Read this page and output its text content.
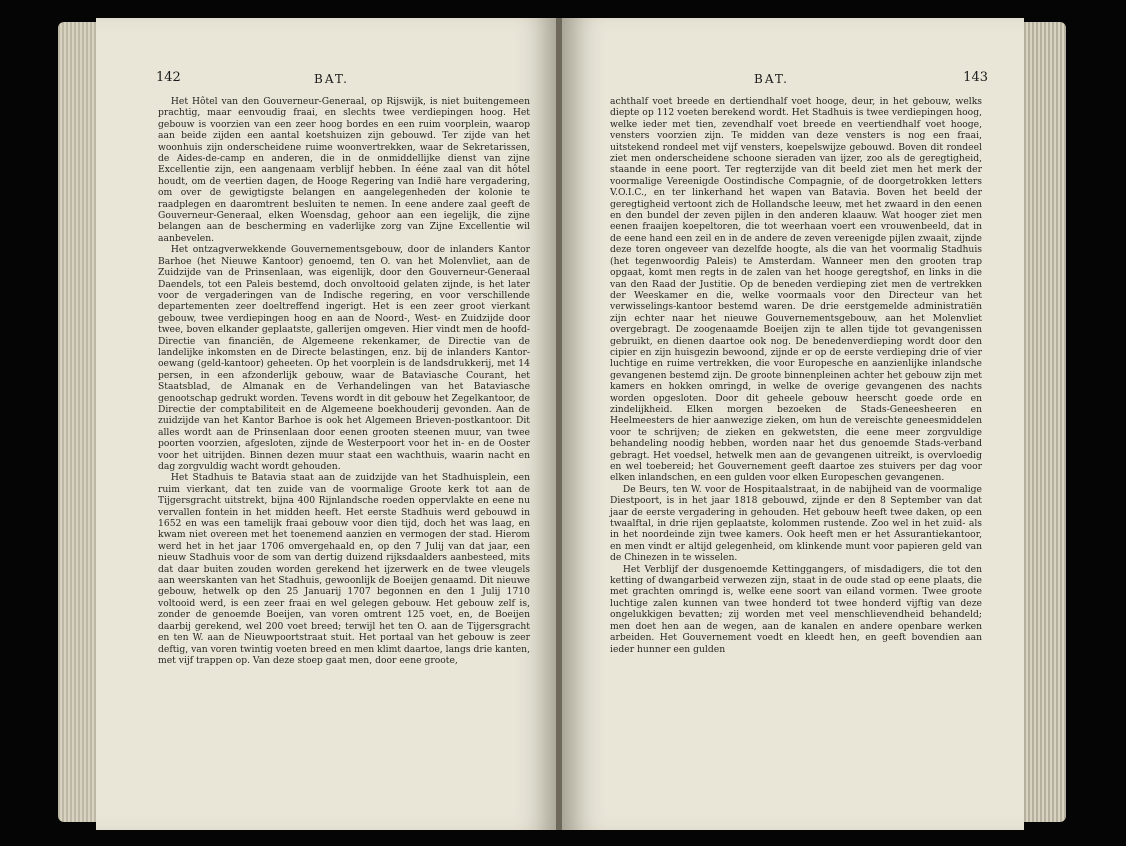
142	BAT.

Het Hôtel van den Gouverneur-Generaal, op Rijswijk, is niet buitengemeen prachtig, maar eenvoudig fraai, en slechts twee verdiepingen hoog. Het gebouw is voorzien van een zeer hoog bordes en een ruim voorplein, waarop aan beide zijden een aantal koetshuizen zijn gebouwd. Ter zijde van het woonhuis zijn onderscheidene ruime woonvertrekken, waar de Sekretarissen, de Aides-de-camp en anderen, die in de onmiddellijke dienst van zijne Excellentie zijn, een aangenaam verblijf hebben. In ééne zaal van dit hôtel houdt, om de veertien dagen, de Hooge Regering van Indië hare vergadering, om over de gewigtigste belangen en aangelegenheden der kolonie te raadplegen en daaromtrent besluiten te nemen. In eene andere zaal geeft de Gouverneur-Generaal, elken Woensdag, gehoor aan een iegelijk, die zijne belangen aan de bescherming en vaderlijke zorg van Zijne Excellentie wil aanbevelen.

Het ontzagverwekkende Gouvernementsgebouw, door de inlanders Kantor Barhoe (het Nieuwe Kantoor) genoemd, ten O. van het Molenvliet, aan de Zuidzijde van de Prinsenlaan, was eigenlijk, door den Gouverneur-Generaal Daendels, tot een Paleis bestemd, doch onvoltooid gelaten zijnde, is het later voor de vergaderingen van de Indische regering, en voor verschillende departementen zeer doeltreffend ingerigt. Het is een zeer groot vierkant gebouw, twee verdiepingen hoog en aan de Noord-, West- en Zuidzijde door twee, boven elkander geplaatste, gallerijen omgeven. Hier vindt men de hoofd-Directie van financiën, de Algemeene rekenkamer, de Directie van de landelijke inkomsten en de Directe belastingen, enz. bij de inlanders Kantor-oewang (geld-kantoor) geheeten. Op het voorplein is de landsdrukkerij, met 14 persen, in een afzonderlijk gebouw, waar de Bataviasche Courant, het Staatsblad, de Almanak en de Verhandelingen van het Bataviasche genootschap gedrukt worden. Tevens wordt in dit gebouw het Zegelkantoor, de Directie der comptabiliteit en de Algemeene boekhouderij gevonden. Aan de zuidzijde van het Kantor Barhoe is ook het Algemeen Brieven-postkantoor. Dit alles wordt aan de Prinsenlaan door eenen grooten steenen muur, van twee poorten voorzien, afgesloten, zijnde de Westerpoort voor het in- en de Ooster voor het uitrijden. Binnen dezen muur staat een wachthuis, waarin nacht en dag zorgvuldig wacht wordt gehouden.

Het Stadhuis te Batavia staat aan de zuidzijde van het Stadhuisplein, een ruim vierkant, dat ten zuide van de voormalige Groote kerk tot aan de Tijgersgracht uitstrekt, bijna 400 Rijnlandsche roeden oppervlakte en eene nu vervallen fontein in het midden heeft. Het eerste Stadhuis werd gebouwd in 1652 en was een tamelijk fraai gebouw voor dien tijd, doch het was laag, en kwam niet overeen met het toenemend aanzien en vermogen der stad. Hierom werd het in het jaar 1706 omvergehaald en, op den 7 Julij van dat jaar, een nieuw Stadhuis voor de som van dertig duizend rijksdaalders aanbesteed, mits dat daar buiten zouden worden gerekend het ijzerwerk en de twee vleugels aan weerskanten van het Stadhuis, gewoonlijk de Boeijen genaamd. Dit nieuwe gebouw, hetwelk op den 25 Januarij 1707 begonnen en den 1 Julij 1710 voltooid werd, is een zeer fraai en wel gelegen gebouw. Het gebouw zelf is, zonder de genoemde Boeijen, van voren omtrent 125 voet, en, de Boeijen daarbij gerekend, wel 200 voet breed; terwijl het ten O. aan de Tijgersgracht en ten W. aan de Nieuwpoortstraat stuit. Het portaal van het gebouw is zeer deftig, van voren twintig voeten breed en men klimt daartoe, langs drie kanten, met vijf trappen op. Van deze stoep gaat men, door eene groote,

BAT.	143

achthalf voet breede en dertiendhalf voet hooge, deur, in het gebouw, welks diepte op 112 voeten berekend wordt. Het Stadhuis is twee verdiepingen hoog, welke ieder met tien, zevendhalf voet breede en veertiendhalf voet hooge, vensters voorzien zijn. Te midden van deze vensters is nog een fraai, uitstekend rondeel met vijf vensters, koepelswijze gebouwd. Boven dit rondeel ziet men onderscheidene schoone sieraden van ijzer, zoo als de geregtigheid, staande in eene poort. Ter regterzijde van dit beeld ziet men het merk der voormalige Vereenigde Oostindische Compagnie, of de doorgetrokken letters V.O.I.C., en ter linkerhand het wapen van Batavia. Boven het beeld der geregtigheid vertoont zich de Hollandsche leeuw, met het zwaard in den eenen en den bundel der zeven pijlen in den anderen klaauw. Wat hooger ziet men eenen fraaijen koepeltoren, die tot weerhaan voert een vrouwenbeeld, dat in de eene hand een zeil en in de andere de zeven vereenigde pijlen zwaait, zijnde deze toren ongeveer van dezelfde hoogte, als die van het voormalig Stadhuis (het tegenwoordig Paleis) te Amsterdam. Wanneer men den grooten trap opgaat, komt men regts in de zalen van het hooge geregtshof, en links in die van den Raad der Justitie. Op de beneden verdieping ziet men de vertrekken der Weeskamer en die, welke voormaals voor den Directeur van het verwisselings-kantoor bestemd waren. De drie eerstgemelde administratiën zijn echter naar het nieuwe Gouvernementsgebouw, aan het Molenvliet overgebragt. De zoogenaamde Boeijen zijn te allen tijde tot gevangenissen gebruikt, en dienen daartoe ook nog. De benedenverdieping wordt door den cipier en zijn huisgezin bewoond, zijnde er op de eerste verdieping drie of vier luchtige en ruime vertrekken, die voor Europesche en aanzienlijke inlandsche gevangenen bestemd zijn. De groote binnenpleinen achter het gebouw zijn met kamers en hokken omringd, in welke de overige gevangenen des nachts worden opgesloten. Door dit geheele gebouw heerscht goede orde en zindelijkheid. Elken morgen bezoeken de Stads-Geneesheeren en Heelmeesters de hier aanwezige zieken, om hun de vereischte geneesmiddelen voor te schrijven; de zieken en gekwetsten, die eene meer zorgvuldige behandeling noodig hebben, worden naar het dus genoemde Stads-verband gebragt. Het voedsel, hetwelk men aan de gevangenen uitreikt, is overvloedig en wel toebereid; het Gouvernement geeft daartoe zes stuivers per dag voor elken inlandschen, en een gulden voor elken Europeschen gevangenen.

De Beurs, ten W. voor de Hospitaalstraat, in de nabijheid van de voormalige Diestpoort, is in het jaar 1818 gebouwd, zijnde er den 8 September van dat jaar de eerste vergadering in gehouden. Het gebouw heeft twee daken, op een twaalftal, in drie rijen geplaatste, kolommen rustende. Zoo wel in het zuid- als in het noordeinde zijn twee kamers. Ook heeft men er het Assurantiekantoor, en men vindt er altijd gelegenheid, om klinkende munt voor papieren geld van de Chinezen in te wisselen.

Het Verblijf der dusgenoemde Kettinggangers, of misdadigers, die tot den ketting of dwangarbeid verwezen zijn, staat in de oude stad op eene plaats, die met grachten omringd is, welke eene soort van eiland vormen. Twee groote luchtige zalen kunnen van twee honderd tot twee honderd vijftig van deze ongelukkigen bevatten; zij worden met veel menschlievendheid behandeld; men doet hen aan de wegen, aan de kanalen en andere openbare werken arbeiden. Het Gouvernement voedt en kleedt hen, en geeft bovendien aan ieder hunner een gulden
